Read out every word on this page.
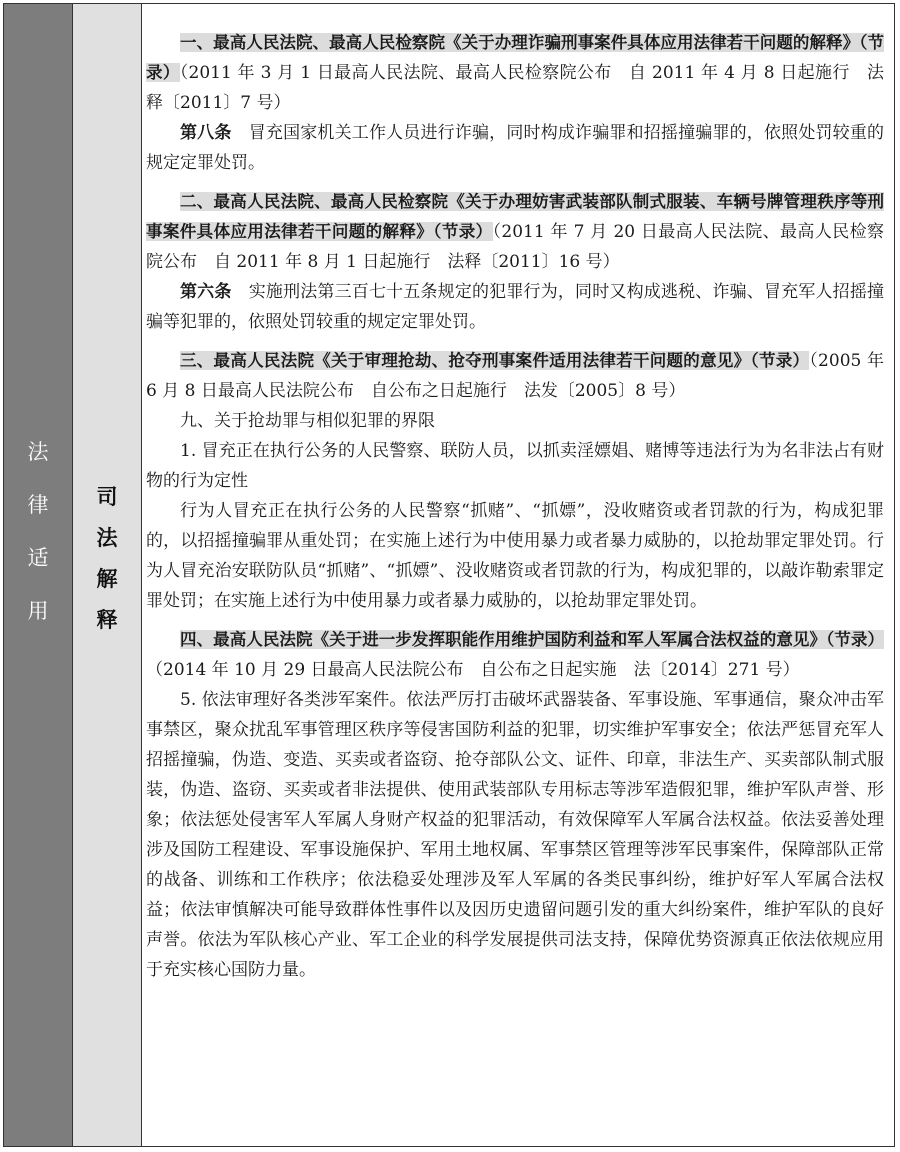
法
律
适
用
司
法
解
释

一、最高人民法院、最高人民检察院《关于办理诈骗刑事案件具体应用法律若干问题的解释》（节录）（2011 年 3 月 1 日最高人民法院、最高人民检察院公布　自 2011 年 4 月 8 日起施行　法释〔2011〕7 号）

第八条　 冒充国家机关工作人员进行诈骗，同时构成诈骗罪和招摇撞骗罪的，依照处罚较重的规定定罪处罚。

二、最高人民法院、最高人民检察院《关于办理妨害武装部队制式服装、车辆号牌管理秩序等刑事案件具体应用法律若干问题的解释》（节录）（2011 年 7 月 20 日最高人民法院、最高人民检察院公布　自 2011 年 8 月 1 日起施行　法释〔2011〕16 号）

第六条　 实施刑法第三百七十五条规定的犯罪行为，同时又构成逃税、诈骗、冒充军人招摇撞骗等犯罪的，依照处罚较重的规定定罪处罚。

三、最高人民法院《关于审理抢劫、抢夺刑事案件适用法律若干问题的意见》（节录）（2005 年 6 月 8 日最高人民法院公布　自公布之日起施行　法发〔2005〕8 号）

九、关于抢劫罪与相似犯罪的界限

1. 冒充正在执行公务的人民警察、联防人员，以抓卖淫嫖娼、赌博等违法行为为名非法占有财物的行为定性

行为人冒充正在执行公务的人民警察“抓赌”、“抓嫖”，没收赌资或者罚款的行为，构成犯罪的，以招摇撞骗罪从重处罚；在实施上述行为中使用暴力或者暴力威胁的，以抢劫罪定罪处罚。行为人冒充治安联防队员“抓赌”、“抓嫖”、没收赌资或者罚款的行为，构成犯罪的，以敲诈勒索罪定罪处罚；在实施上述行为中使用暴力或者暴力威胁的，以抢劫罪定罪处罚。

四、最高人民法院《关于进一步发挥职能作用维护国防利益和军人军属合法权益的意见》（节录）（2014 年 10 月 29 日最高人民法院公布　自公布之日起实施　法〔2014〕271 号）

5. 依法审理好各类涉军案件。依法严厉打击破坏武器装备、军事设施、军事通信，聚众冲击军事禁区，聚众扰乱军事管理区秩序等侵害国防利益的犯罪，切实维护军事安全；依法严惩冒充军人招摇撞骗，伪造、变造、买卖或者盗窃、抢夺部队公文、证件、印章，非法生产、买卖部队制式服装，伪造、盗窃、买卖或者非法提供、使用武装部队专用标志等涉军造假犯罪，维护军队声誉、形象；依法惩处侵害军人军属人身财产权益的犯罪活动，有效保障军人军属合法权益。依法妥善处理涉及国防工程建设、军事设施保护、军用土地权属、军事禁区管理等涉军民事案件，保障部队正常的战备、训练和工作秩序；依法稳妥处理涉及军人军属的各类民事纠纷，维护好军人军属合法权益；依法审慎解决可能导致群体性事件以及因历史遗留问题引发的重大纠纷案件，维护军队的良好声誉。依法为军队核心产业、军工企业的科学发展提供司法支持，保障优势资源真正依法依规应用于充实核心国防力量。
